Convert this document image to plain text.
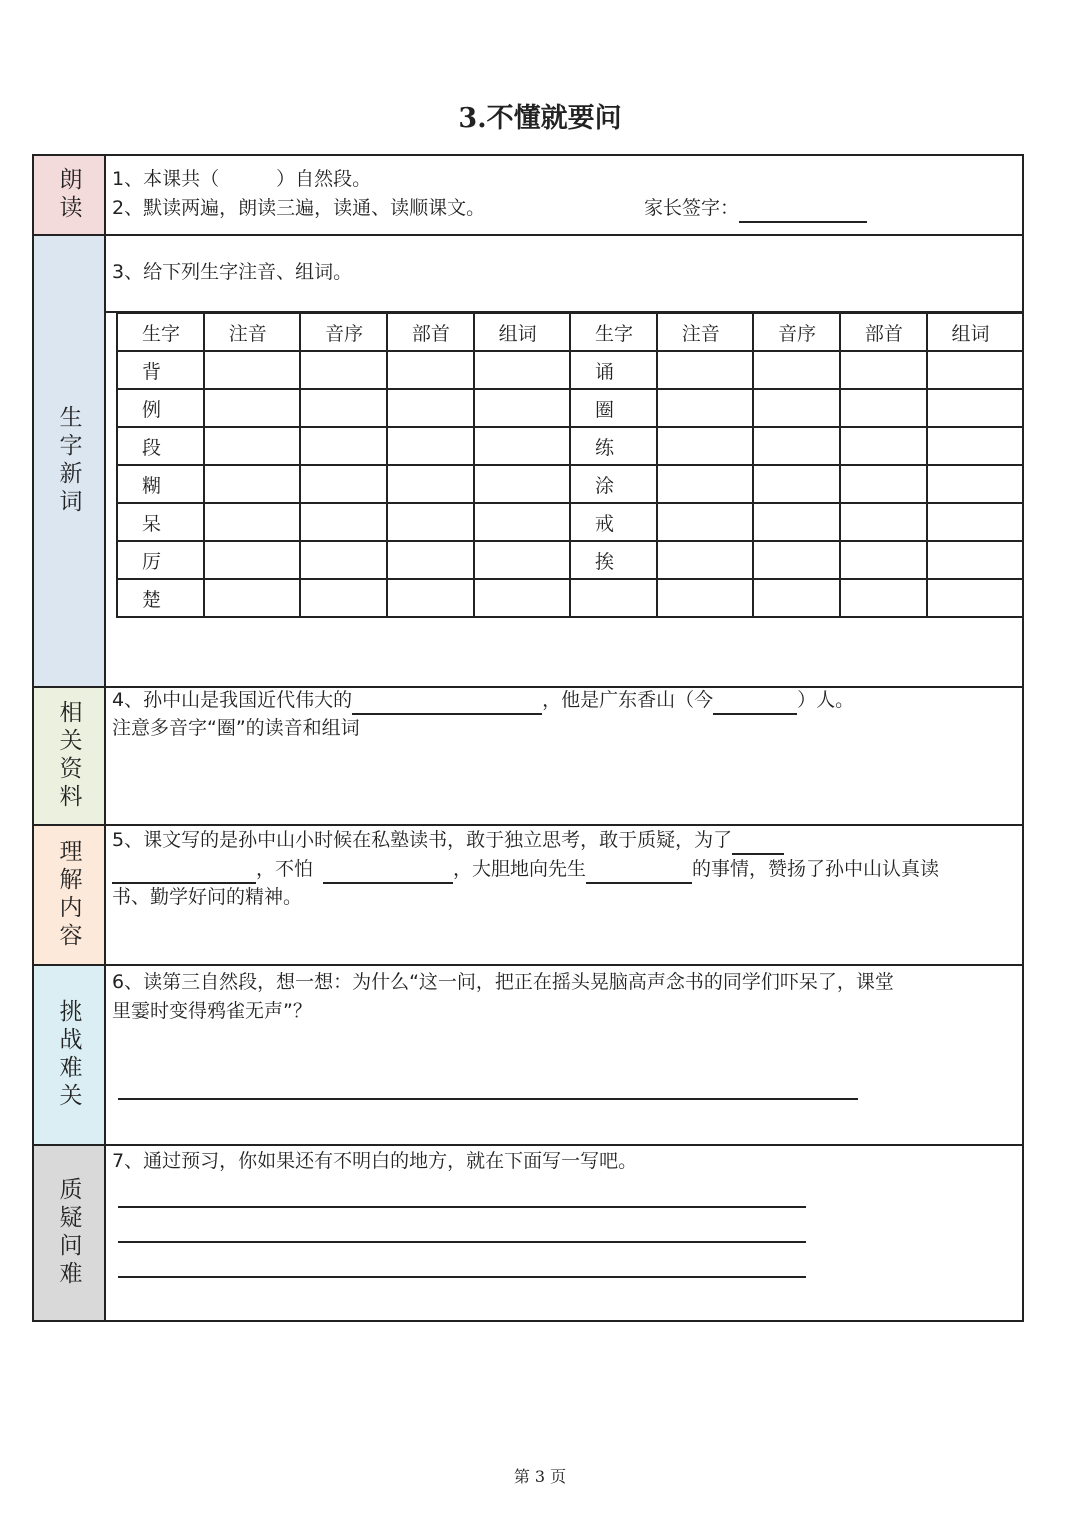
3.不懂就要问
朗读 1、本课共（　　　）自然段。
2、默读两遍，朗读三遍，读通、读顺课文。	家长签字：
生字新词
3、给下列生字注音、组词。
生字	注音	音序	部首	组词	生字	注音	音序	部首	组词
背					诵				
例					圈				
段					练				
糊					涂				
呆					戒				
厉					挨				
楚									
注意多音字“圈”的读音和组词
相关资料 4、孙中山是我国近代伟大的	，他是广东香山（今	）人。
理解内容 5、课文写的是孙中山小时候在私塾读书，敢于独立思考，敢于质疑，为了
，不怕	，大胆地向先生	的事情，赞扬了孙中山认真读
书、勤学好问的精神。
挑战难关
6、读第三自然段，想一想：为什么“这一问，把正在摇头晃脑高声念书的同学们吓呆了，课堂
里霎时变得鸦雀无声”？
质疑问难
7、通过预习，你如果还有不明白的地方，就在下面写一写吧。
第 3 页
